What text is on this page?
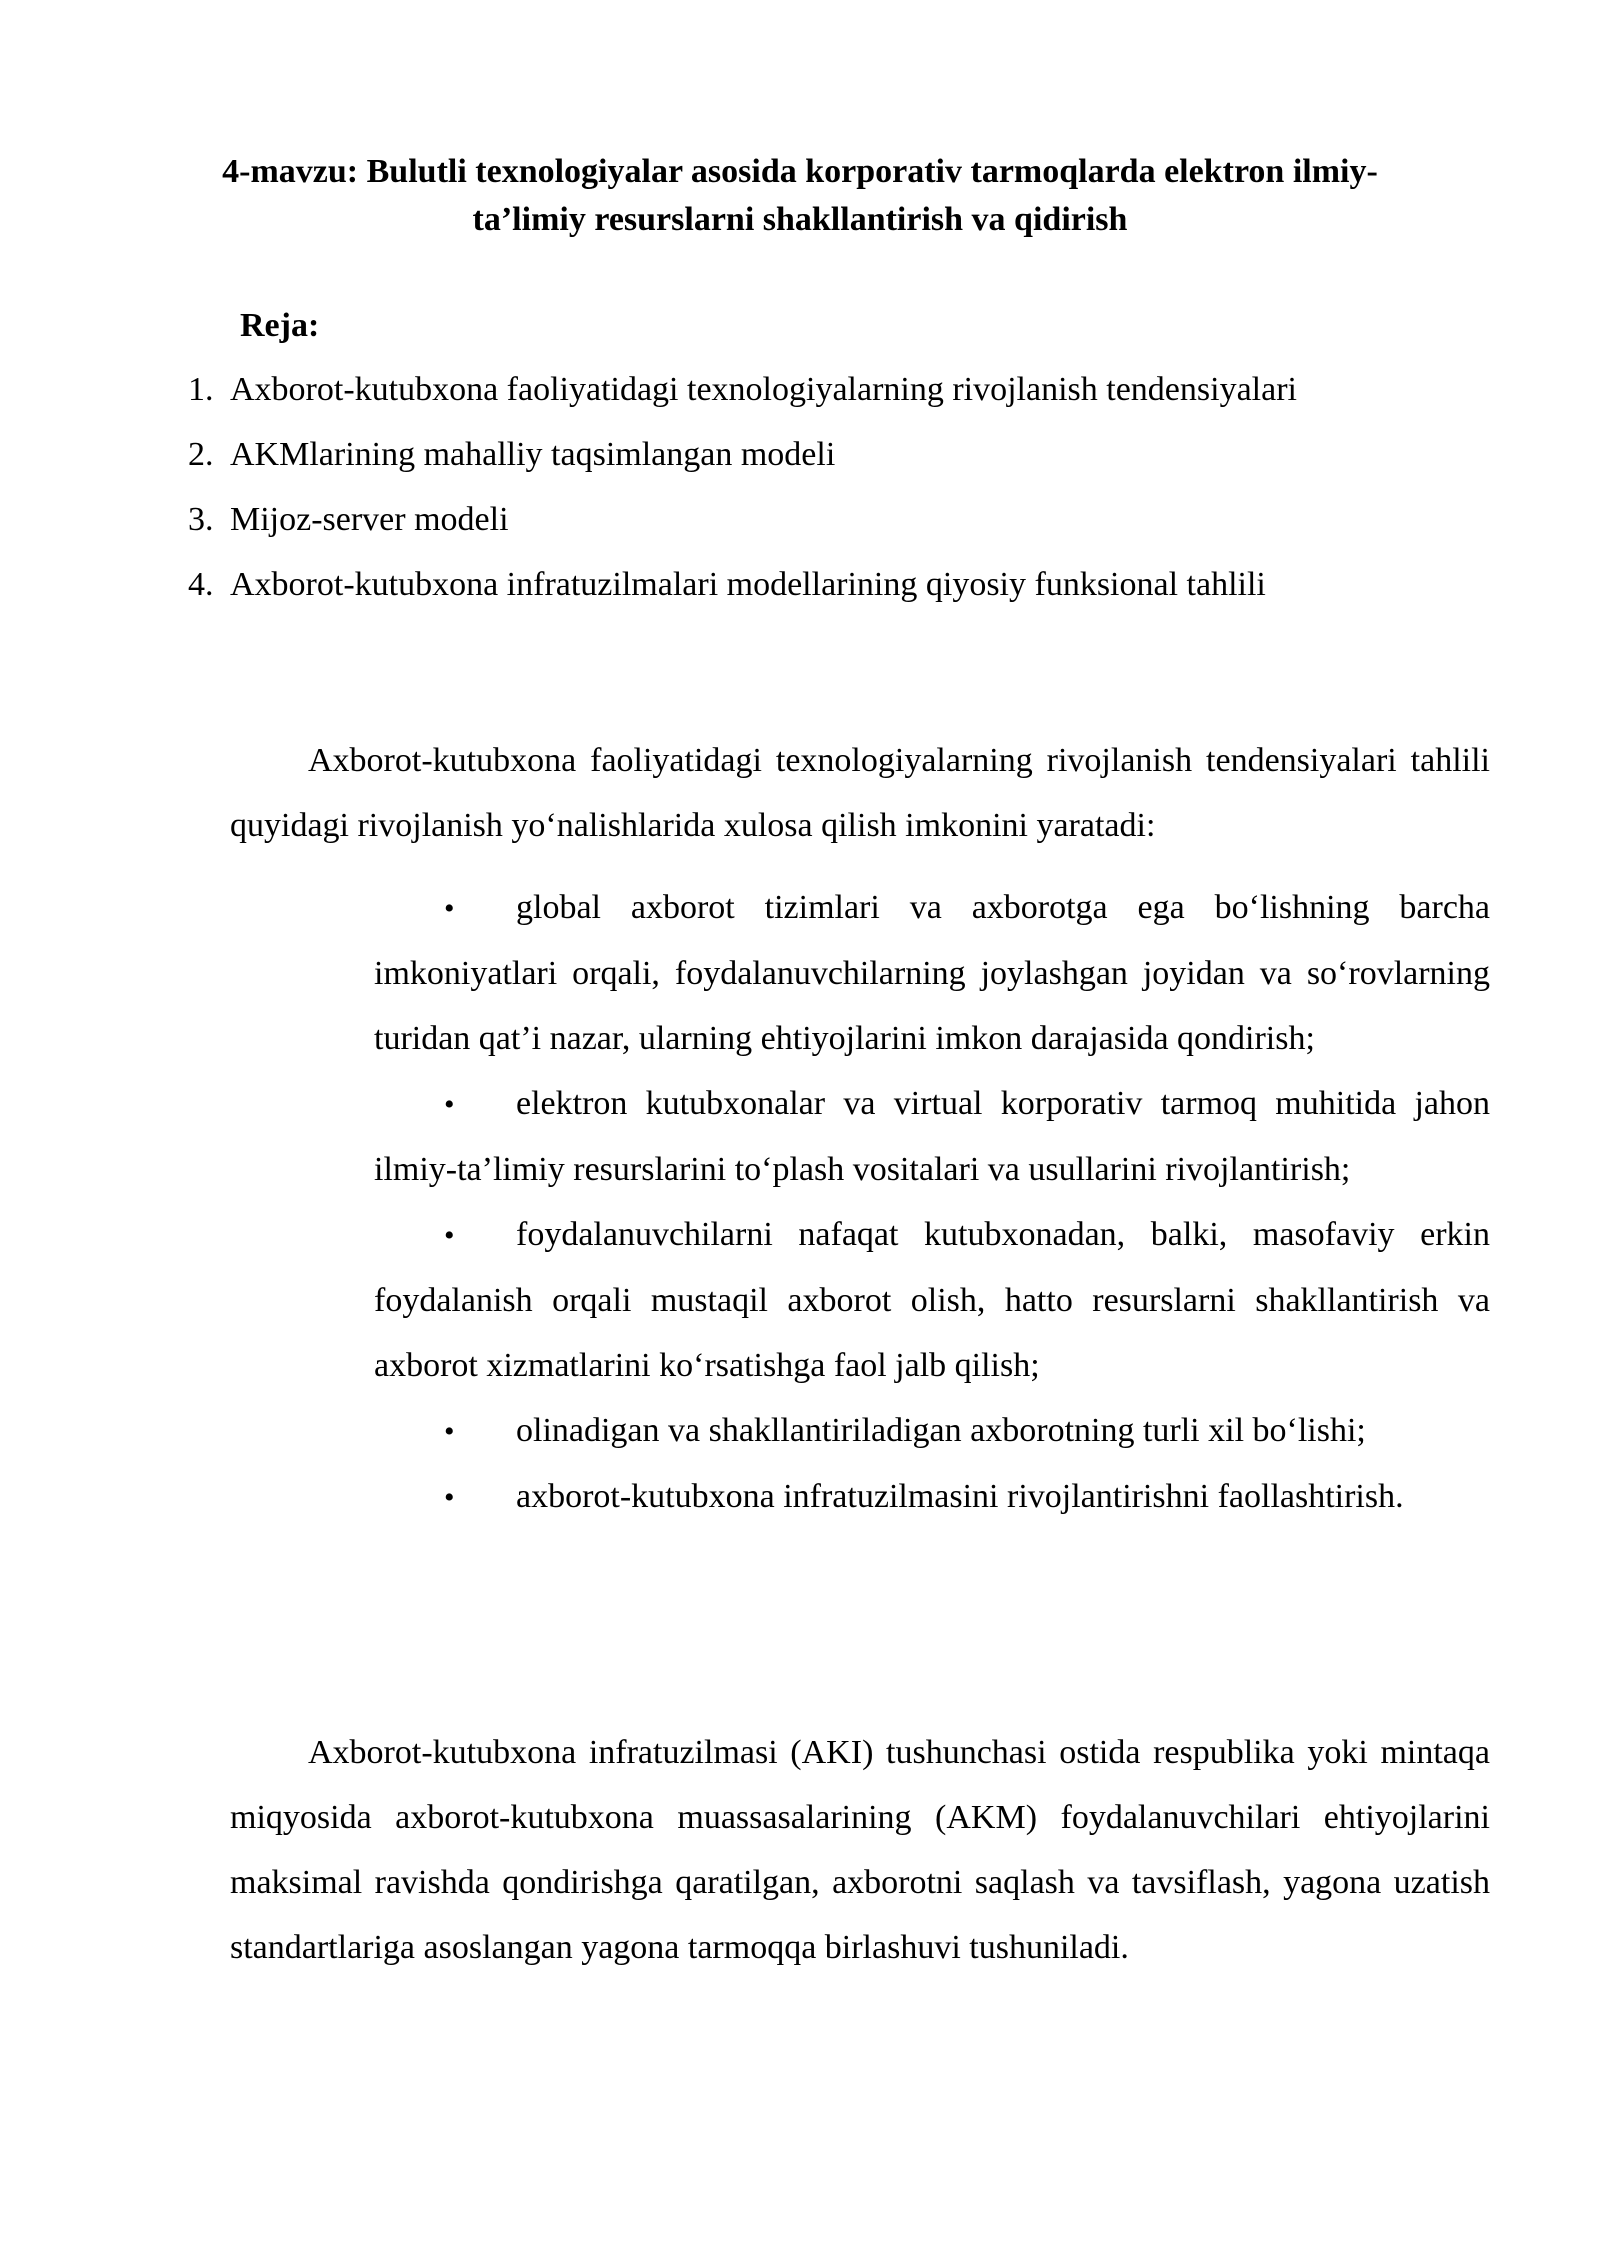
4-mavzu: Bulutli texnologiyalar asosida korporativ tarmoqlarda elektron ilmiy-ta’limiy resurslarni shakllantirish va qidirish

Reja:

1. Axborot-kutubxona faoliyatidagi texnologiyalarning rivojlanish tendensiyalari
2. AKMlarining mahalliy taqsimlangan modeli
3. Mijoz-server modeli
4. Axborot-kutubxona infratuzilmalari modellarining qiyosiy funksional tahlili

Axborot-kutubxona faoliyatidagi texnologiyalarning rivojlanish tendensiyalari tahlili quyidagi rivojlanish yo‘nalishlarida xulosa qilish imkonini yaratadi:

• global axborot tizimlari va axborotga ega bo‘lishning barcha imkoniyatlari orqali, foydalanuvchilarning joylashgan joyidan va so‘rovlarning turidan qat’i nazar, ularning ehtiyojlarini imkon darajasida qondirish;
• elektron kutubxonalar va virtual korporativ tarmoq muhitida jahon ilmiy-ta’limiy resurslarini to‘plash vositalari va usullarini rivojlantirish;
• foydalanuvchilarni nafaqat kutubxonadan, balki, masofaviy erkin foydalanish orqali mustaqil axborot olish, hatto resurslarni shakllantirish va axborot xizmatlarini ko‘rsatishga faol jalb qilish;
• olinadigan va shakllantiriladigan axborotning turli xil bo‘lishi;
• axborot-kutubxona infratuzilmasini rivojlantirishni faollashtirish.

Axborot-kutubxona infratuzilmasi (AKI) tushunchasi ostida respublika yoki mintaqa miqyosida axborot-kutubxona muassasalarining (AKM) foydalanuvchilari ehtiyojlarini maksimal ravishda qondirishga qaratilgan, axborotni saqlash va tavsiflash, yagona uzatish standartlariga asoslangan yagona tarmoqqa birlashuvi tushuniladi.
